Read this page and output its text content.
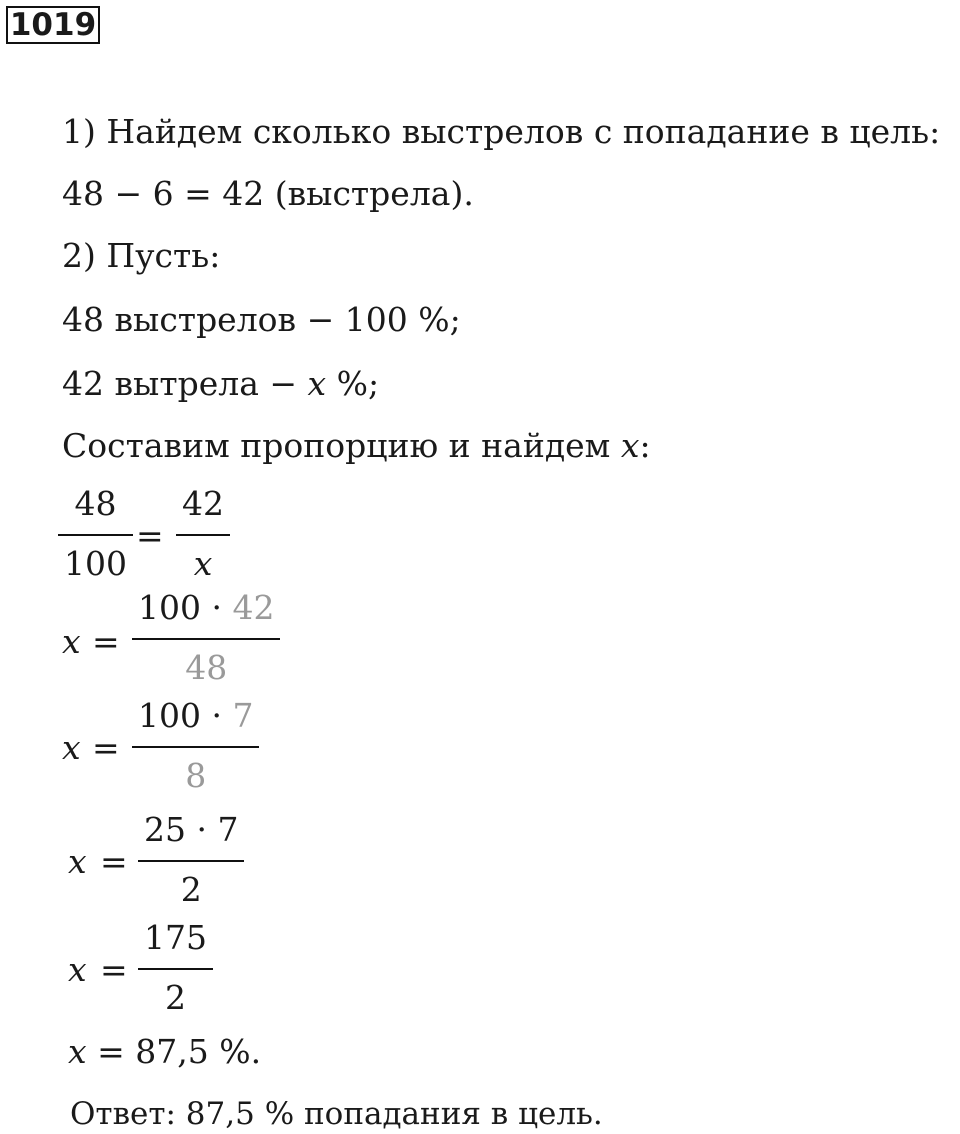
1019
1) Найдем сколько выстрелов с попадание в цель:
48 − 6 = 42 (выстрела).
2) Пусть:
48 выстрелов − 100 %;
42 вытрела − x %;
Составим пропорцию и найдем x:
48
100
=
42
x
x =
100 · 42
48
x =
100 · 7
8
x =
25 · 7
2
x =
175
2
x = 87,5 %.
Ответ: 87,5 % попадания в цель.
